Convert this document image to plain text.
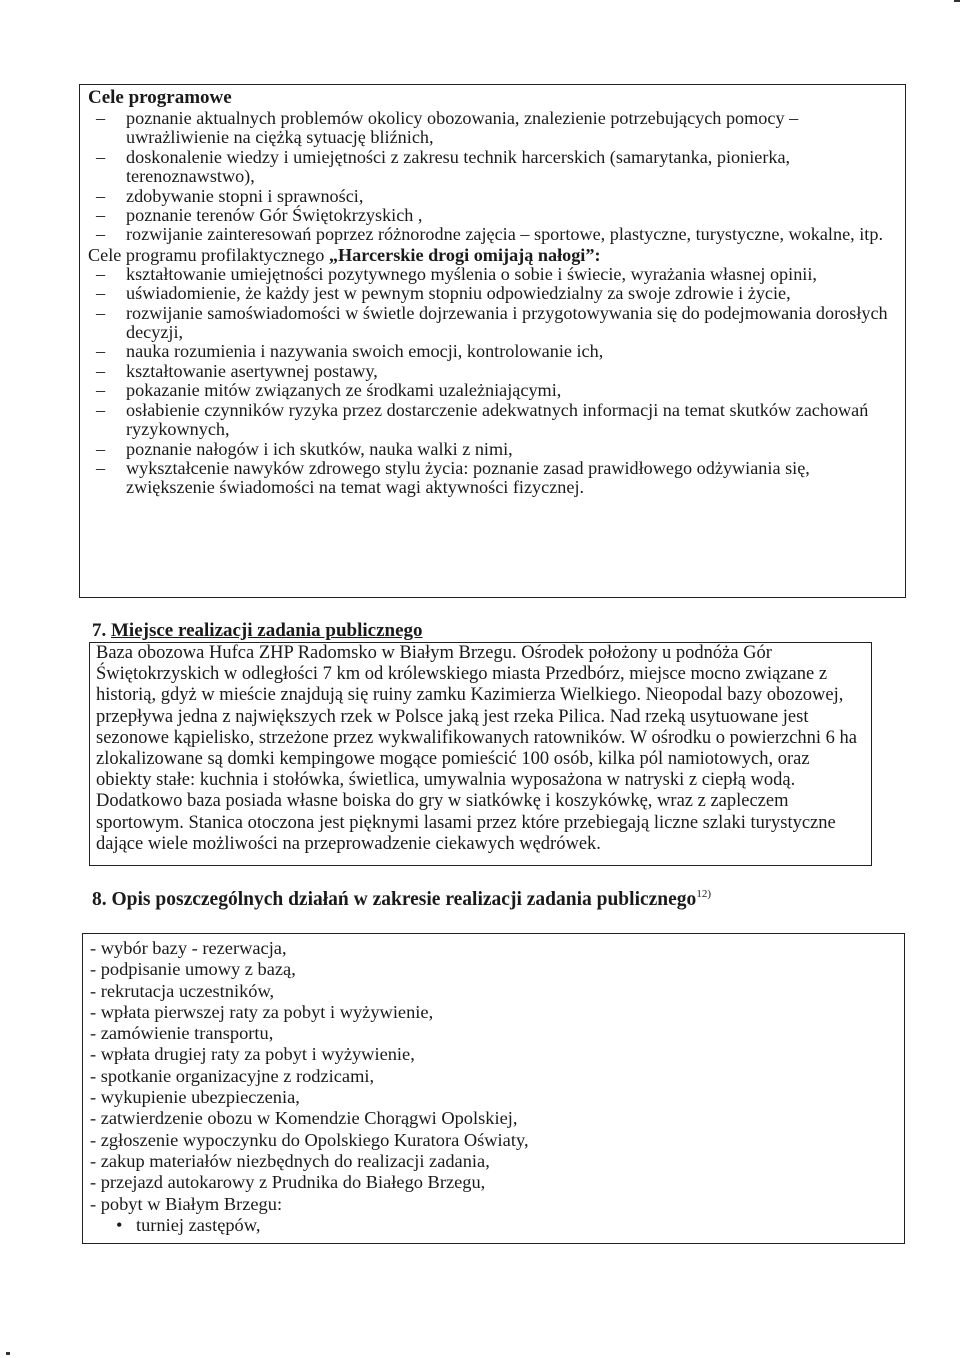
Cele programowe
– poznanie aktualnych problemów okolicy obozowania, znalezienie potrzebujących pomocy – uwrażliwienie na ciężką sytuację bliźnich,
– doskonalenie wiedzy i umiejętności z zakresu technik harcerskich (samarytanka, pionierka, terenoznawstwo),
– zdobywanie stopni i sprawności,
– poznanie terenów Gór Świętokrzyskich ,
– rozwijanie zainteresowań poprzez różnorodne zajęcia – sportowe, plastyczne, turystyczne, wokalne, itp.
Cele programu profilaktycznego „Harcerskie drogi omijają nałogi”:
– kształtowanie umiejętności pozytywnego myślenia o sobie i świecie, wyrażania własnej opinii,
– uświadomienie, że każdy jest w pewnym stopniu odpowiedzialny za swoje zdrowie i życie,
– rozwijanie samoświadomości w świetle dojrzewania i przygotowywania się do podejmowania dorosłych decyzji,
– nauka rozumienia i nazywania swoich emocji, kontrolowanie ich,
– kształtowanie asertywnej postawy,
– pokazanie mitów związanych ze środkami uzależniającymi,
– osłabienie czynników ryzyka przez dostarczenie adekwatnych informacji na temat skutków zachowań ryzykownych,
– poznanie nałogów i ich skutków, nauka walki z nimi,
– wykształcenie nawyków zdrowego stylu życia: poznanie zasad prawidłowego odżywiania się, zwiększenie świadomości na temat wagi aktywności fizycznej.
7. Miejsce realizacji zadania publicznego
Baza obozowa Hufca ZHP Radomsko w Białym Brzegu. Ośrodek położony u podnóża Gór Świętokrzyskich w odległości 7 km od królewskiego miasta Przedbórz, miejsce mocno związane z historią, gdyż w mieście znajdują się ruiny zamku Kazimierza Wielkiego. Nieopodal bazy obozowej, przepływa jedna z największych rzek w Polsce jaką jest rzeka Pilica. Nad rzeką usytuowane jest sezonowe kąpielisko, strzeżone przez wykwalifikowanych ratowników. W ośrodku o powierzchni 6 ha zlokalizowane są domki kempingowe mogące pomieścić 100 osób, kilka pól namiotowych, oraz obiekty stałe: kuchnia i stołówka, świetlica, umywalnia wyposażona w natryski z ciepłą wodą. Dodatkowo baza posiada własne boiska do gry w siatkówkę i koszykówkę, wraz z zapleczem sportowym. Stanica otoczona jest pięknymi lasami przez które przebiegają liczne szlaki turystyczne dające wiele możliwości na przeprowadzenie ciekawych wędrówek.
8. Opis poszczególnych działań w zakresie realizacji zadania publicznego$^{12)}$
- wybór bazy - rezerwacja,
- podpisanie umowy z bazą,
- rekrutacja uczestników,
- wpłata pierwszej raty za pobyt i wyżywienie,
- zamówienie transportu,
- wpłata drugiej raty za pobyt i wyżywienie,
- spotkanie organizacyjne z rodzicami,
- wykupienie ubezpieczenia,
- zatwierdzenie obozu w Komendzie Chorągwi Opolskiej,
- zgłoszenie wypoczynku do Opolskiego Kuratora Oświaty,
- zakup materiałów niezbędnych do realizacji zadania,
- przejazd autokarowy z Prudnika do Białego Brzegu,
- pobyt w Białym Brzegu:
• turniej zastępów,
